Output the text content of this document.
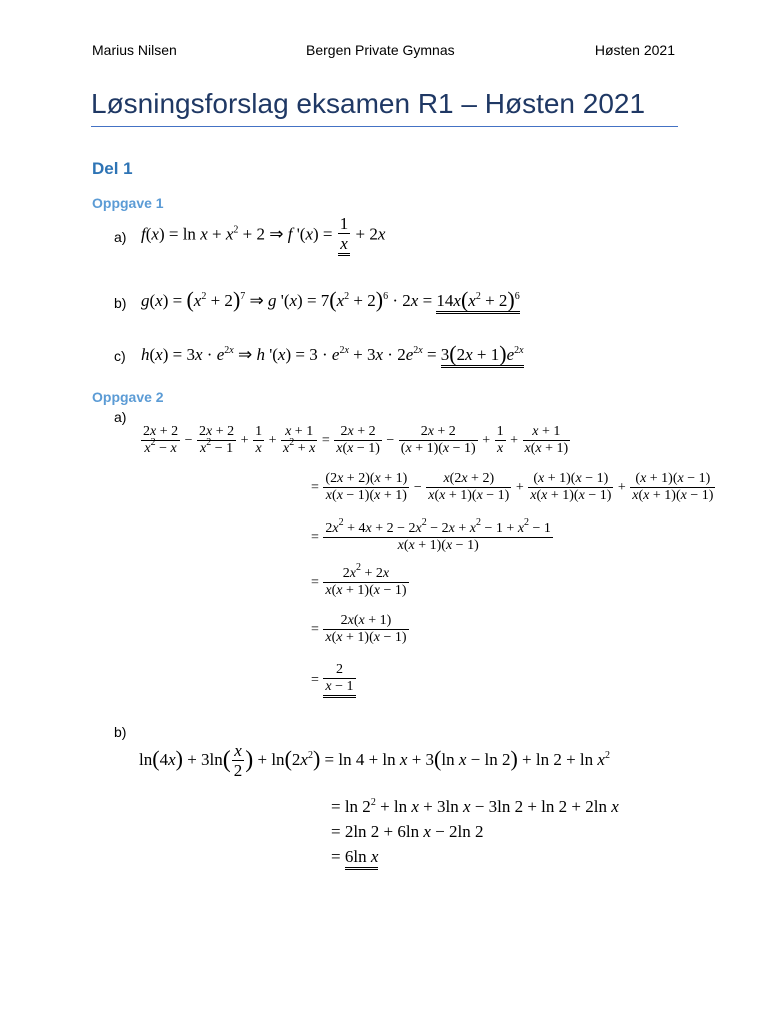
Marius Nilsen	Bergen Private Gymnas	Høsten 2021
Løsningsforslag eksamen R1 – Høsten 2021
Del 1
Oppgave 1
a) $f(x) = \ln x + x^2 + 2$ ⇒ f '$(x) = \frac{1}{x} + 2x$
b) $g(x) = (x^2 + 2)^7$ ⇒ g '$(x) = 7(x^2 + 2)^6 \cdot 2x = 14x(x^2 + 2)^6$
c) $h(x) = 3x \cdot e^{2x}$ ⇒ h '$(x) = 3 \cdot e^{2x} + 3x \cdot 2e^{2x} = 3(2x + 1)e^{2x}$
Oppgave 2
a)
$\frac{2x + 2}{x^2 - x} - \frac{2x + 2}{x^2 - 1} + \frac{1}{x} + \frac{x + 1}{x^2 + x} = \frac{2x + 2}{x(x - 1)} - \frac{2x + 2}{(x + 1)(x - 1)} + \frac{1}{x} + \frac{x + 1}{x(x + 1)}$
= $\frac{(2x + 2)(x + 1)}{x(x - 1)(x + 1)} - \frac{x(2x + 2)}{x(x + 1)(x - 1)} + \frac{(x + 1)(x - 1)}{x(x + 1)(x - 1)} + \frac{(x + 1)(x - 1)}{x(x + 1)(x - 1)}$
= $\frac{2x^2 + 4x + 2 - 2x^2 - 2x + x^2 - 1 + x^2 - 1}{x(x + 1)(x - 1)}$
= $\frac{2x^2 + 2x}{x(x + 1)(x - 1)}$
= $\frac{2x(x + 1)}{x(x + 1)(x - 1)}$
= $\frac{2}{x - 1}$
b)
$\ln(4x) + 3\ln( \frac{x}{2}$ ) + $\ln(2x^2) = \ln 4 + \ln x + 3(\ln$ $x - \ln 2) + \ln 2 + \ln x^2$
= $\ln 2^2 + \ln x + 3\ln$ x − 3ln 2 + ln 2 + 2ln x
= 2ln 2 + 6ln x − 2ln 2
= 6ln x
